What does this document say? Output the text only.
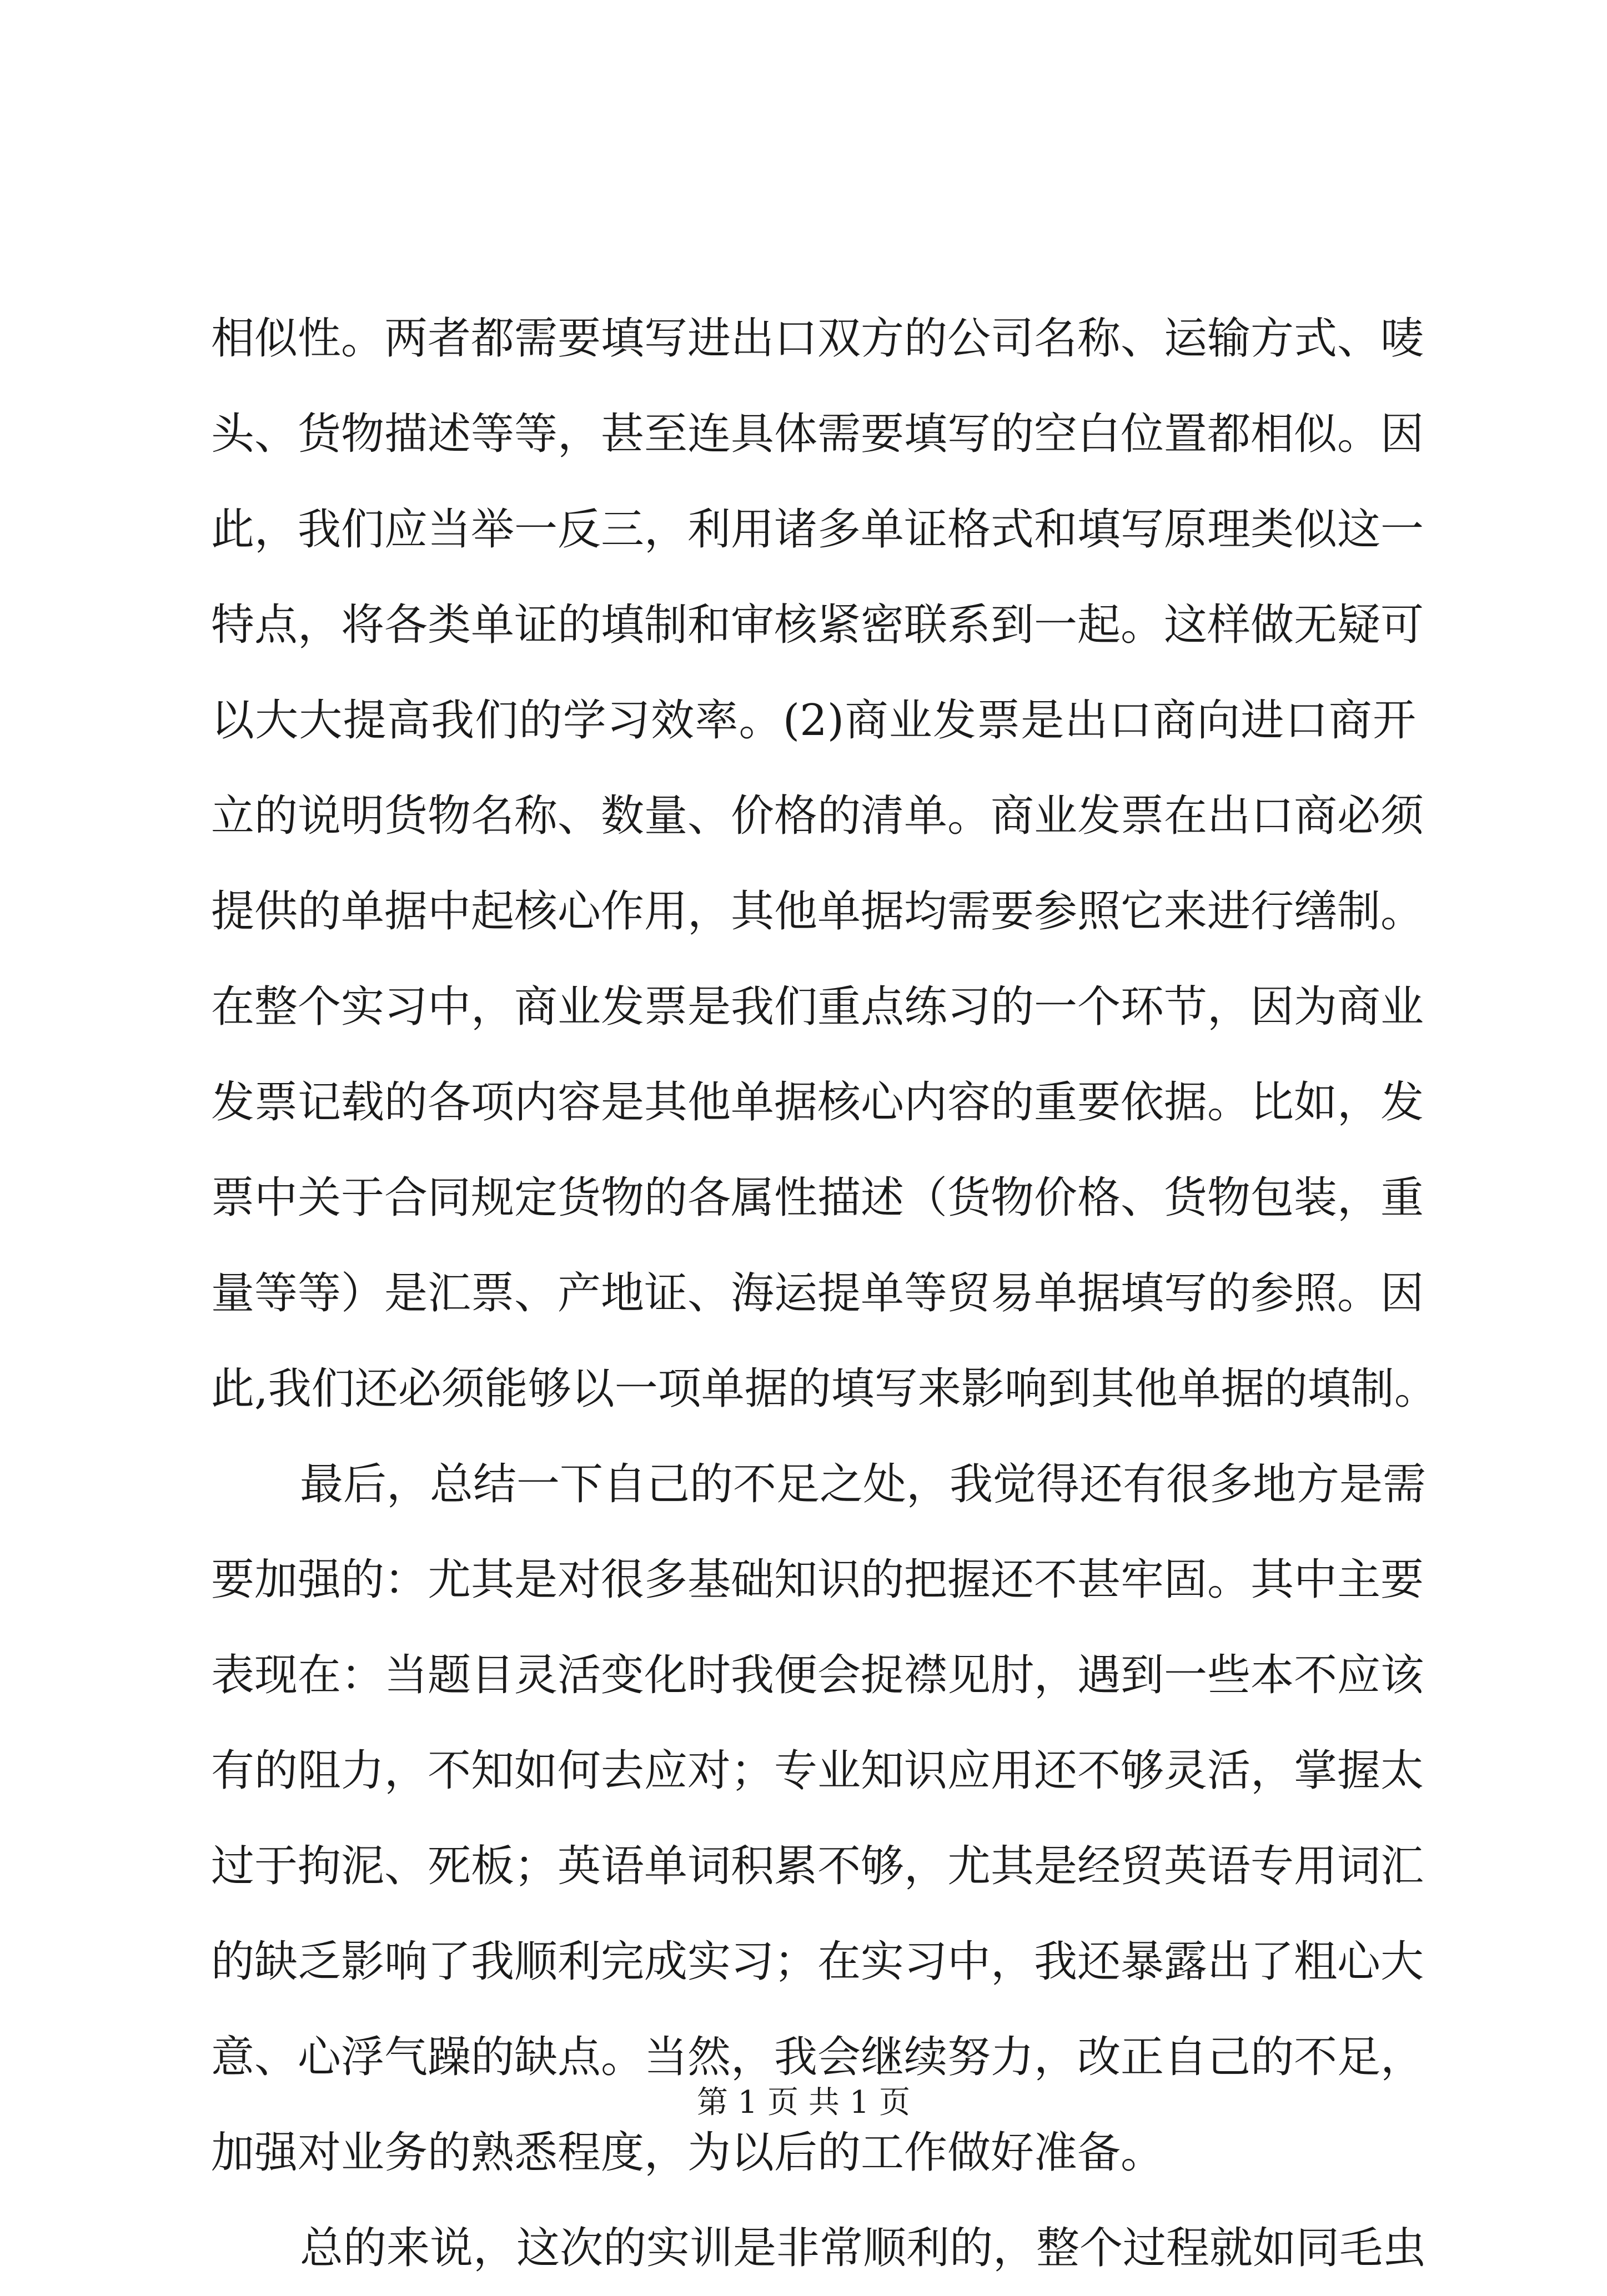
相似性。两者都需要填写进出口双方的公司名称、运输方式、唛
头、货物描述等等，甚至连具体需要填写的空白位置都相似。因
此，我们应当举一反三，利用诸多单证格式和填写原理类似这一
特点，将各类单证的填制和审核紧密联系到一起。这样做无疑可
以大大提高我们的学习效率。(2)商业发票是出口商向进口商开
立的说明货物名称、数量、价格的清单。商业发票在出口商必须
提供的单据中起核心作用，其他单据均需要参照它来进行缮制。
在整个实习中，商业发票是我们重点练习的一个环节，因为商业
发票记载的各项内容是其他单据核心内容的重要依据。比如，发
票中关于合同规定货物的各属性描述（货物价格、货物包装，重
量等等）是汇票、产地证、海运提单等贸易单据填写的参照。因
此,我们还必须能够以一项单据的填写来影响到其他单据的填制。
最后，总结一下自己的不足之处，我觉得还有很多地方是需
要加强的：尤其是对很多基础知识的把握还不甚牢固。其中主要
表现在：当题目灵活变化时我便会捉襟见肘，遇到一些本不应该
有的阻力，不知如何去应对；专业知识应用还不够灵活，掌握太
过于拘泥、死板；英语单词积累不够，尤其是经贸英语专用词汇
的缺乏影响了我顺利完成实习；在实习中，我还暴露出了粗心大
意、心浮气躁的缺点。当然，我会继续努力，改正自己的不足，
加强对业务的熟悉程度，为以后的工作做好准备。
总的来说，这次的实训是非常顺利的，整个过程就如同毛虫
第 1 页 共 1 页
